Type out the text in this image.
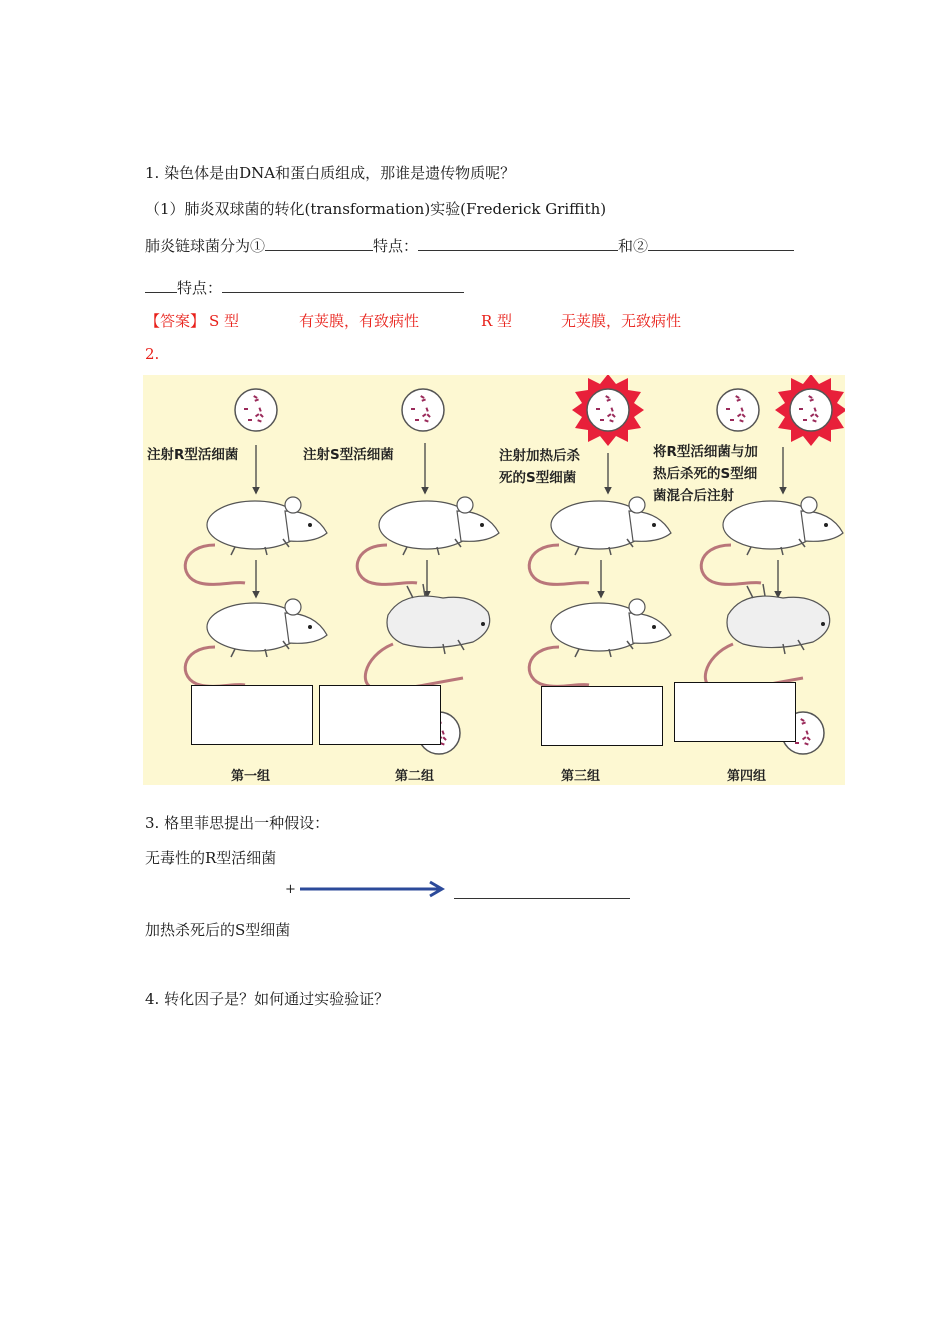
1. 染色体是由DNA和蛋白质组成，那谁是遗传物质呢？
（1）肺炎双球菌的转化(transformation)实验(Frederick Griffith)
肺炎链球菌分为①	特点：	和②
特点：
【答案】 S 型	有荚膜，有致病性	R 型	无荚膜，无致病性
2.
注射R型活细菌	注射S型活细菌	注射加热后杀
死的S型细菌
将R型活细菌与加
热后杀死的S型细
菌混合后注射
第一组	第二组	第三组	第四组
3. 格里菲思提出一种假设：
无毒性的R型活细菌
+
加热杀死后的S型细菌
4. 转化因子是？如何通过实验验证？
